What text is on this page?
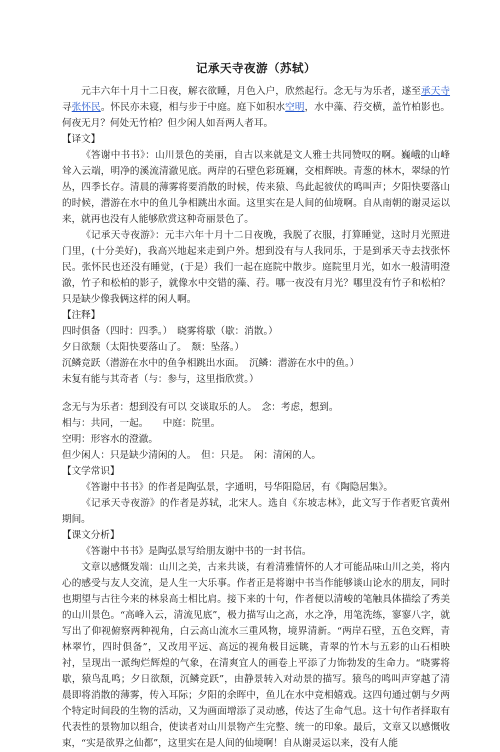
记承天寺夜游（苏轼）

元丰六年十月十二日夜，解衣欲睡，月色入户，欣然起行。念无与为乐者，遂至承天寺寻张怀民。怀民亦未寝，相与步于中庭。庭下如积水空明，水中藻、荇交横，盖竹柏影也。何夜无月？何处无竹柏？但少闲人如吾两人者耳。

【译文】

《答谢中书书》：山川景色的美丽，自古以来就是文人雅士共同赞叹的啊。巍峨的山峰耸入云端，明净的溪流清澈见底。两岸的石壁色彩斑斓，交相辉映。青葱的林木，翠绿的竹丛，四季长存。清晨的薄雾将要消散的时候，传来猿、鸟此起彼伏的鸣叫声；夕阳快要落山的时候，潜游在水中的鱼儿争相跳出水面。这里实在是人间的仙境啊。自从南朝的谢灵运以来，就再也没有人能够欣赏这种奇丽景色了。

《记承天寺夜游》：元丰六年十月十二日夜晚，我脱了衣服，打算睡觉，这时月光照进门里，(十分美好)，我高兴地起来走到户外。想到没有与人我同乐，于是到承天寺去找张怀民。张怀民也还没有睡觉，(于是）我们一起在庭院中散步。庭院里月光，如水一般清明澄澈，竹子和松柏的影子，就像水中交错的藻、荇。哪一夜没有月光？哪里没有竹子和松柏？只是缺少像我俩这样的闲人啊。

【注释】

四时俱备（四时：四季。）　晓雾将歇（歇：消散。）

夕日欲颓（太阳快要落山了。　颓：坠落。）

沉鳞竞跃（潜游在水中的鱼争相跳出水面。　沉鳞：潜游在水中的鱼。）

未复有能与其奇者（与：参与，这里指欣赏。）

念无与为乐者：想到没有可以 交谈取乐的人。　念：考虑，想到。

相与：共同，一起。　　中庭：院里。

空明：形容水的澄澈。

但少闲人：只是缺少清闲的人。　但：只是。　闲：清闲的人。

【文学常识】

《答谢中书书》的作者是陶弘景，字通明，号华阳隐居，有《陶隐居集》。

《记承天寺夜游》的作者是苏轼，北宋人。选自《东坡志林》，此文写于作者贬官黄州期间。

【课文分析】

《答谢中书书》是陶弘景写给朋友谢中书的一封书信。

文章以感慨发端：山川之美，古来共谈，有着清雅情怀的人才可能品味山川之美，将内心的感受与友人交流，是人生一大乐事。作者正是将谢中书当作能够谈山论水的朋友，同时也期望与古往今来的林泉高士相比肩。接下来的十句，作者便以清峻的笔触具体描绘了秀美的山川景色。“高峰入云，清流见底”，极力描写山之高，水之净，用笔洗练，寥寥八字，就写出了仰视俯察两种视角，白云高山流水三重风物，境界清新。“两岸石壁，五色交辉，青林翠竹，四时俱备”，又改用平远、高远的视角极目远眺，青翠的竹木与五彩的山石相映衬，呈现出一派绚烂辉煌的气象，在清爽宜人的画卷上平添了力饰勃发的生命力。“晓雾将歇，猿鸟乱鸣；夕日欲颓，沉鳞竞跃”，由静景转入对动景的描写。猿鸟的鸣叫声穿越了清晨即将消散的薄雾，传入耳际；夕阳的余晖中，鱼儿在水中竞相嬉戏。这四句通过朝与夕两个特定时间段的生物的活动，又为画面增添了灵动感，传达了生命气息。这十句作者择取有代表性的景物加以组合，使读者对山川景物产生完整、统一的印象。最后，文章又以感慨收束，“实是欲界之仙都”，这里实在是人间的仙境啊！自从谢灵运以来，没有人能
